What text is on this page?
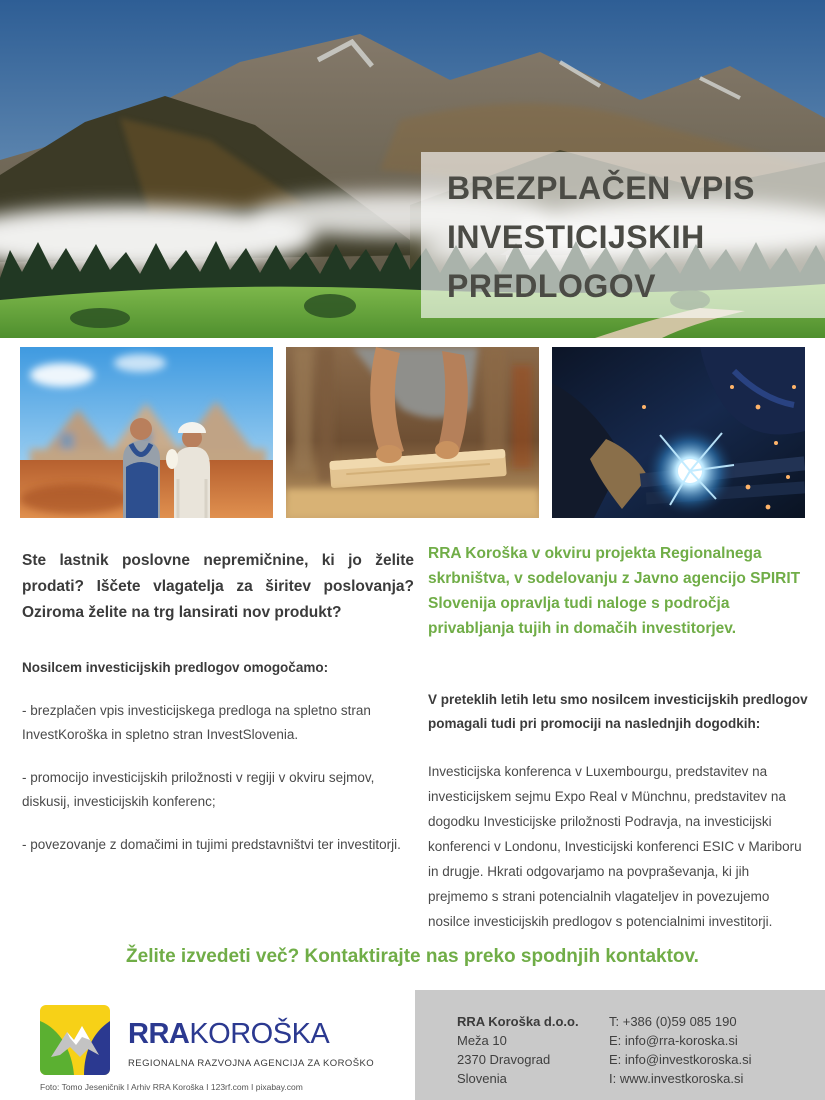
BREZPLAČEN VPIS
INVESTICIJSKIH
PREDLOGOV

Ste lastnik poslovne nepremičnine, ki jo želite prodati? Iščete vlagatelja za širitev poslovanja? Oziroma želite na trg lansirati nov produkt?

Nosilcem investicijskih predlogov omogočamo:

- brezplačen vpis investicijskega predloga na spletno stran InvestKoroška in spletno stran InvestSlovenia.

- promocijo investicijskih priložnosti v regiji v okviru sejmov, diskusij, investicijskih konferenc;

- povezovanje z domačimi in tujimi predstavništvi ter investitorji.

RRA Koroška v okviru projekta Regionalnega skrbništva, v sodelovanju z Javno agencijo SPIRIT Slovenija opravlja tudi naloge s področja privabljanja tujih in domačih investitorjev.

V preteklih letih letu smo nosilcem investicijskih predlogov pomagali tudi pri promociji na naslednjih dogodkih:

Investicijska konferenca v Luxembourgu, predstavitev na investicijskem sejmu Expo Real v Münchnu, predstavitev na dogodku Investicijske priložnosti Podravja, na investicijski konferenci v Londonu, Investicijski konferenci ESIC v Mariboru in drugje. Hkrati odgovarjamo na povpraševanja, ki jih prejmemo s strani potencialnih vlagateljev in povezujemo nosilce investicijskih predlogov s potencialnimi investitorji.

Želite izvedeti več? Kontaktirajte nas preko spodnjih kontaktov.
RRAKOROŠKA
REGIONALNA RAZVOJNA AGENCIJA ZA KOROŠKO
Foto: Tomo Jeseničnik I Arhiv RRA Koroška I 123rf.com I pixabay.com
RRA Koroška d.o.o.
Meža 10
2370 Dravograd
Slovenia
T: +386 (0)59 085 190
E: info@rra-koroska.si
E: info@investkoroska.si
I: www.investkoroska.si
